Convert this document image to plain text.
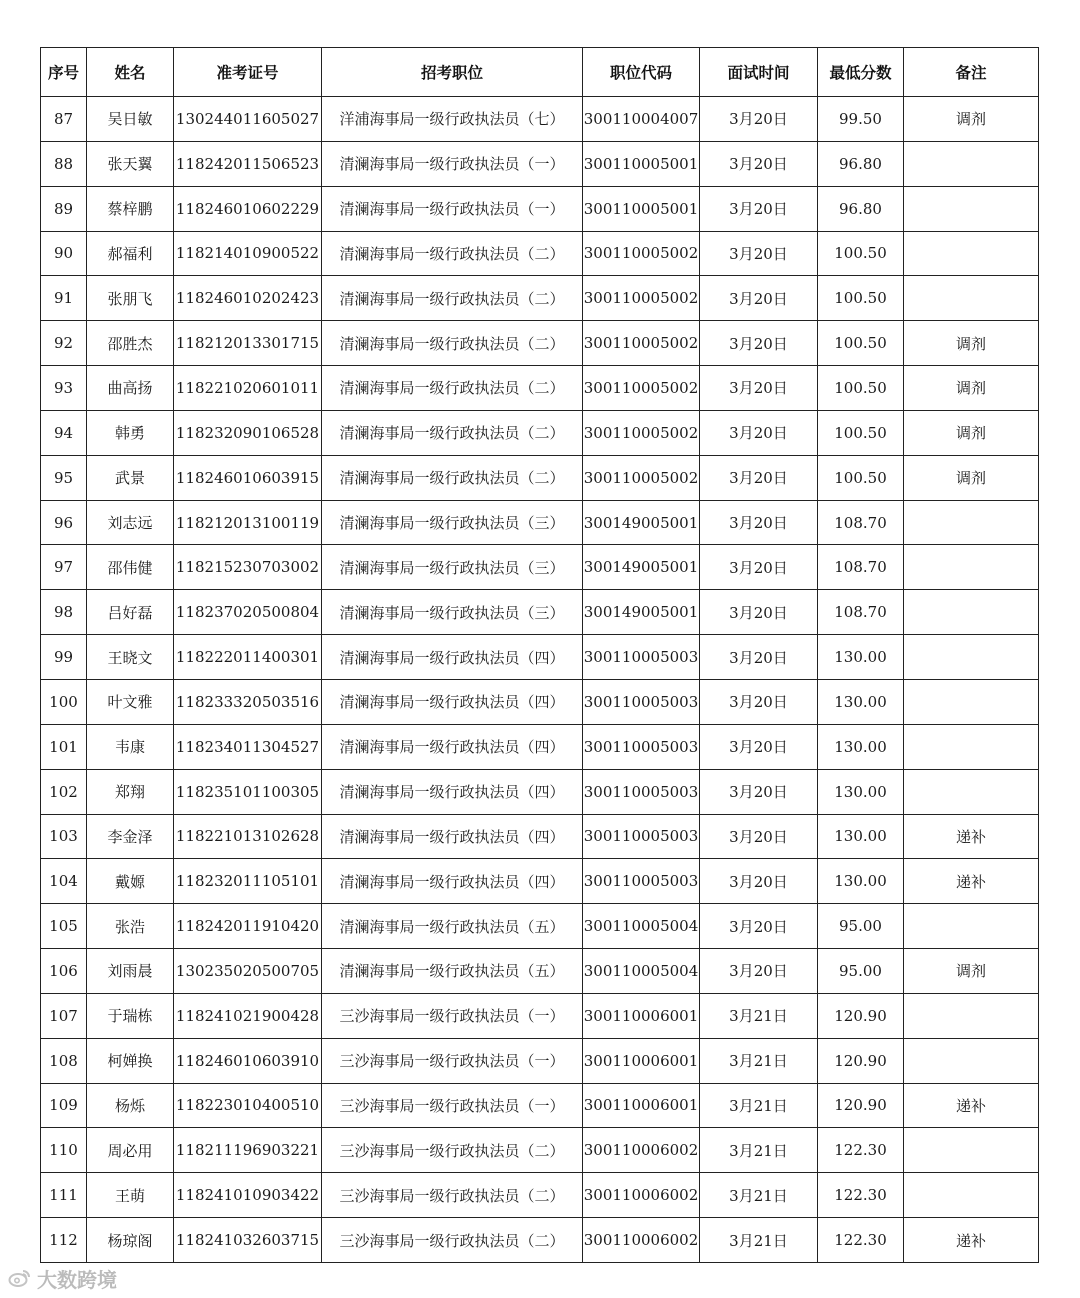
序号	姓名	准考证号	招考职位	职位代码	面试时间	最低分数	备注
87	吴日敏	130244011605027	洋浦海事局一级行政执法员（七）	300110004007	3月20日	99.50	调剂
88	张天翼	118242011506523	清澜海事局一级行政执法员（一）	300110005001	3月20日	96.80	
89	蔡梓鹏	118246010602229	清澜海事局一级行政执法员（一）	300110005001	3月20日	96.80	
90	郝福利	118214010900522	清澜海事局一级行政执法员（二）	300110005002	3月20日	100.50	
91	张朋飞	118246010202423	清澜海事局一级行政执法员（二）	300110005002	3月20日	100.50	
92	邵胜杰	118212013301715	清澜海事局一级行政执法员（二）	300110005002	3月20日	100.50	调剂
93	曲高扬	118221020601011	清澜海事局一级行政执法员（二）	300110005002	3月20日	100.50	调剂
94	韩勇	118232090106528	清澜海事局一级行政执法员（二）	300110005002	3月20日	100.50	调剂
95	武景	118246010603915	清澜海事局一级行政执法员（二）	300110005002	3月20日	100.50	调剂
96	刘志远	118212013100119	清澜海事局一级行政执法员（三）	300149005001	3月20日	108.70	
97	邵伟健	118215230703002	清澜海事局一级行政执法员（三）	300149005001	3月20日	108.70	
98	吕好磊	118237020500804	清澜海事局一级行政执法员（三）	300149005001	3月20日	108.70	
99	王晓文	118222011400301	清澜海事局一级行政执法员（四）	300110005003	3月20日	130.00	
100	叶文雅	118233320503516	清澜海事局一级行政执法员（四）	300110005003	3月20日	130.00	
101	韦康	118234011304527	清澜海事局一级行政执法员（四）	300110005003	3月20日	130.00	
102	郑翔	118235101100305	清澜海事局一级行政执法员（四）	300110005003	3月20日	130.00	
103	李金泽	118221013102628	清澜海事局一级行政执法员（四）	300110005003	3月20日	130.00	递补
104	戴嫄	118232011105101	清澜海事局一级行政执法员（四）	300110005003	3月20日	130.00	递补
105	张浩	118242011910420	清澜海事局一级行政执法员（五）	300110005004	3月20日	95.00	
106	刘雨晨	130235020500705	清澜海事局一级行政执法员（五）	300110005004	3月20日	95.00	调剂
107	于瑞栋	118241021900428	三沙海事局一级行政执法员（一）	300110006001	3月21日	120.90	
108	柯婵换	118246010603910	三沙海事局一级行政执法员（一）	300110006001	3月21日	120.90	
109	杨烁	118223010400510	三沙海事局一级行政执法员（一）	300110006001	3月21日	120.90	递补
110	周必用	118211196903221	三沙海事局一级行政执法员（二）	300110006002	3月21日	122.30	
111	王萌	118241010903422	三沙海事局一级行政执法员（二）	300110006002	3月21日	122.30	
112	杨琼阁	118241032603715	三沙海事局一级行政执法员（二）	300110006002	3月21日	122.30	递补
大数跨境
